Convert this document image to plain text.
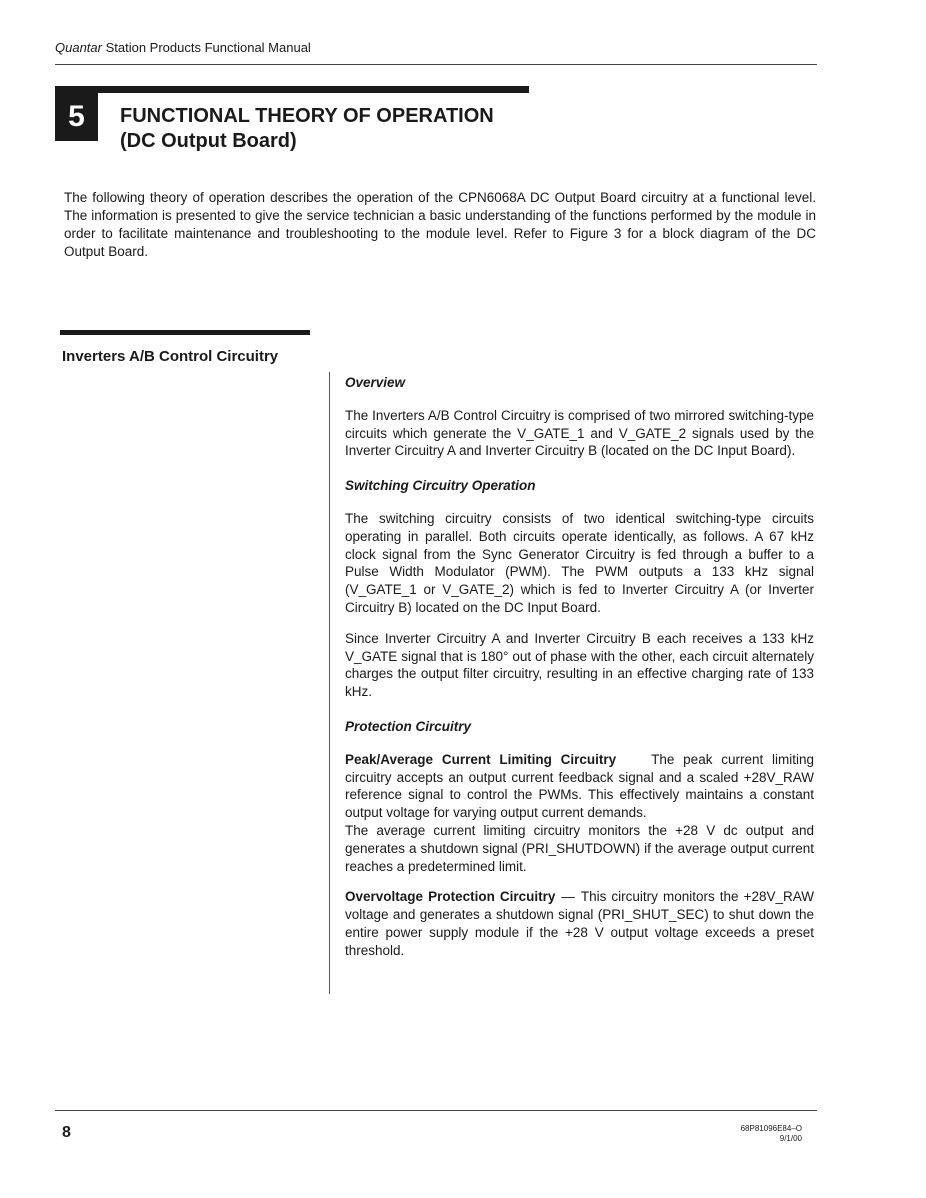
Quantar Station Products Functional Manual
5	FUNCTIONAL THEORY OF OPERATION
(DC Output Board)
The following theory of operation describes the operation of the CPN6068A DC Output Board circuitry at a functional level. The information is presented to give the service technician a basic understanding of the functions performed by the module in order to facilitate maintenance and troubleshooting to the module level. Refer to Figure 3 for a block diagram of the DC Output Board.
Inverters A/B Control Circuitry

Overview

The Inverters A/B Control Circuitry is comprised of two mirrored switching-type circuits which generate the V_GATE_1 and V_GATE_2 signals used by the Inverter Circuitry A and Inverter Circuitry B (located on the DC Input Board).

Switching Circuitry Operation

The switching circuitry consists of two identical switching-type circuits operating in parallel. Both circuits operate identically, as follows. A 67 kHz clock signal from the Sync Generator Circuitry is fed through a buffer to a Pulse Width Modulator (PWM). The PWM outputs a 133 kHz signal (V_GATE_1 or V_GATE_2) which is fed to Inverter Circuitry A (or Inverter Circuitry B) located on the DC Input Board.

Since Inverter Circuitry A and Inverter Circuitry B each receives a 133 kHz V_GATE signal that is 180° out of phase with the other, each circuit alternately charges the output filter circuitry, resulting in an effective charging rate of 133 kHz.

Protection Circuitry

Peak/Average Current Limiting Circuitry	The peak current limiting circuitry accepts an output current feedback signal and a scaled +28V_RAW reference signal to control the PWMs. This effectively maintains a constant output voltage for varying output current demands.

The average current limiting circuitry monitors the +28 V dc output and generates a shutdown signal (PRI_SHUTDOWN) if the average output current reaches a predetermined limit.

Overvoltage Protection Circuitry — This circuitry monitors the +28V_RAW voltage and generates a shutdown signal (PRI_SHUT_SEC) to shut down the entire power supply module if the +28 V output voltage exceeds a preset threshold.

8	68P81096E84–O
9/1/00
